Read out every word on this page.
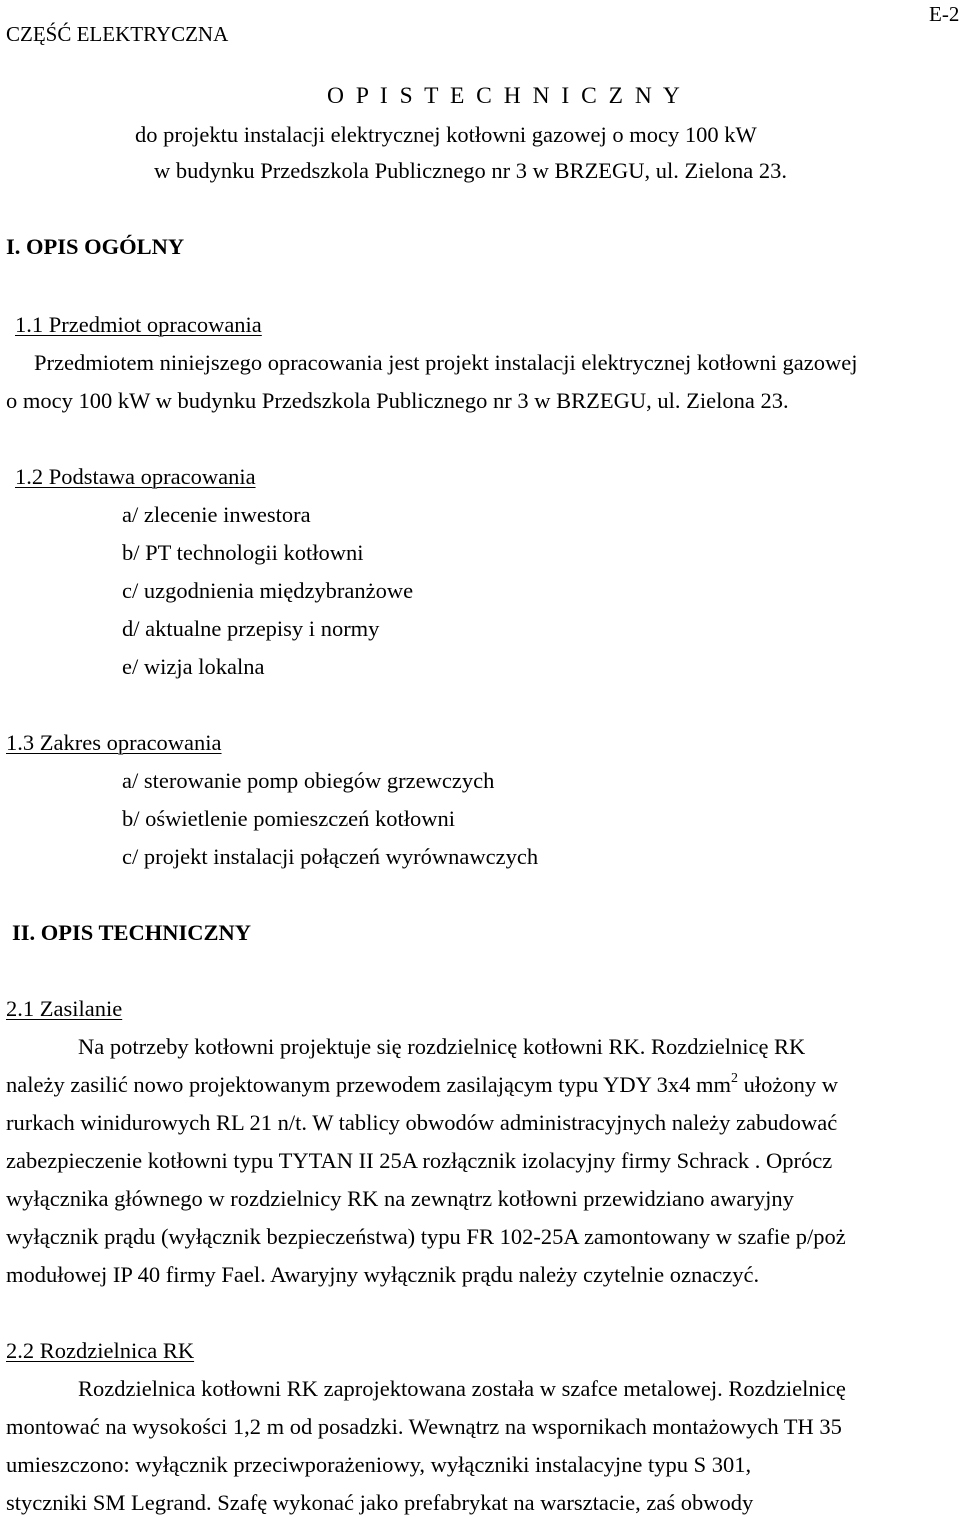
CZĘŚĆ ELEKTRYCZNA
E-2
O P I S T E C H N I C Z N Y
do projektu instalacji elektrycznej kotłowni gazowej o mocy 100 kW
w budynku Przedszkola Publicznego nr 3 w BRZEGU, ul. Zielona 23.
I. OPIS OGÓLNY
1.1 Przedmiot opracowania
Przedmiotem niniejszego opracowania jest projekt instalacji elektrycznej kotłowni gazowej
o mocy 100 kW w budynku Przedszkola Publicznego nr 3 w BRZEGU, ul. Zielona 23.
1.2 Podstawa opracowania
a/ zlecenie inwestora
b/ PT technologii kotłowni
c/ uzgodnienia międzybranżowe
d/ aktualne przepisy i normy
e/ wizja lokalna
1.3 Zakres opracowania
a/ sterowanie pomp obiegów grzewczych
b/ oświetlenie pomieszczeń kotłowni
c/ projekt instalacji połączeń wyrównawczych
II. OPIS TECHNICZNY
2.1 Zasilanie
Na potrzeby kotłowni projektuje się rozdzielnicę kotłowni RK. Rozdzielnicę RK
należy zasilić nowo projektowanym przewodem zasilającym typu YDY 3x4 $mm^2$ ułożony w
rurkach winidurowych RL 21 n/t. W tablicy obwodów administracyjnych należy zabudować
zabezpieczenie kotłowni typu TYTAN II 25A rozłącznik izolacyjny firmy Schrack . Oprócz
wyłącznika głównego w rozdzielnicy RK na zewnątrz kotłowni przewidziano awaryjny
wyłącznik prądu (wyłącznik bezpieczeństwa) typu FR 102-25A zamontowany w szafie p/poż
modułowej IP 40 firmy Fael. Awaryjny wyłącznik prądu należy czytelnie oznaczyć.
2.2 Rozdzielnica RK
Rozdzielnica kotłowni RK zaprojektowana została w szafce metalowej. Rozdzielnicę
montować na wysokości 1,2 m od posadzki. Wewnątrz na wspornikach montażowych TH 35
umieszczono: wyłącznik przeciwporażeniowy, wyłączniki instalacyjne typu S 301,
styczniki SM Legrand. Szafę wykonać jako prefabrykat na warsztacie, zaś obwody
